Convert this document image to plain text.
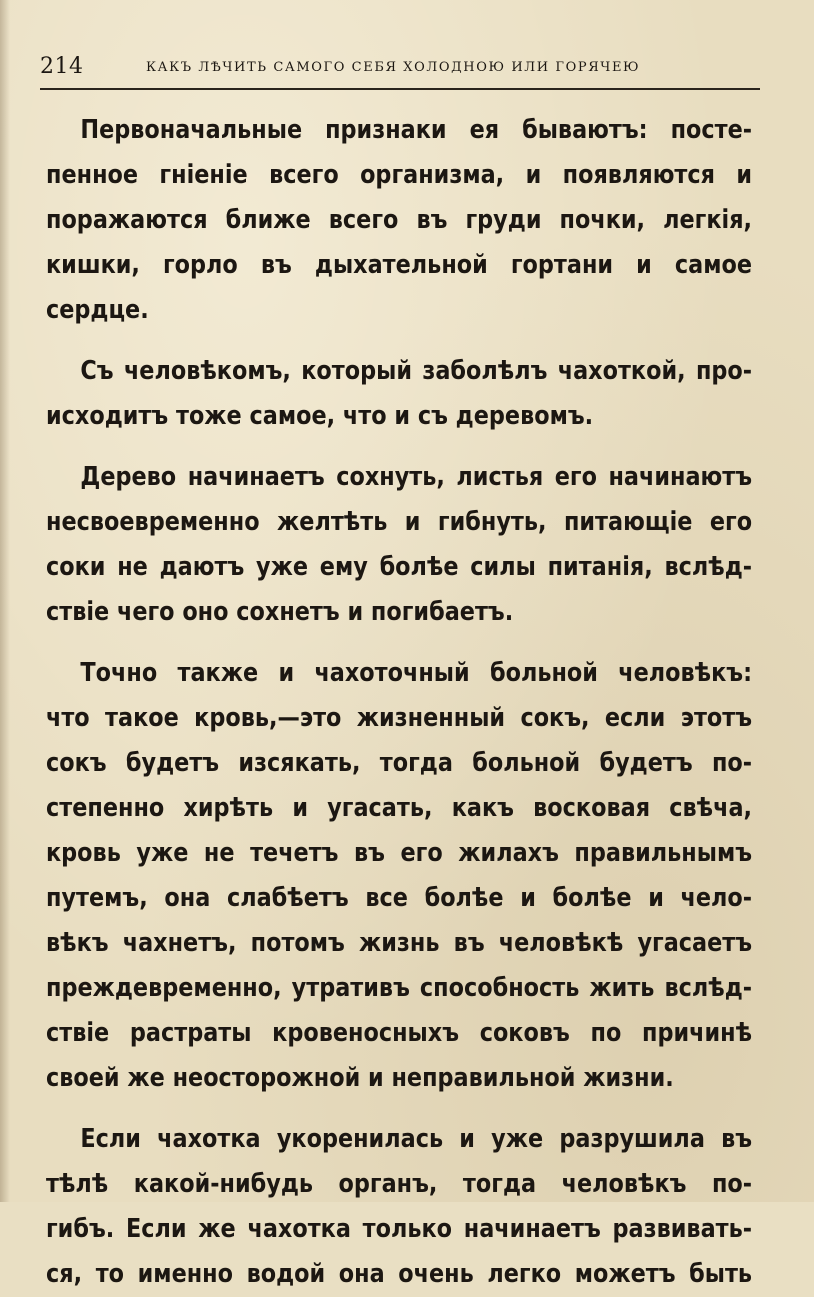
214	КАКЪ ЛѢЧИТЬ САМОГО СЕБЯ ХОЛОДНОЮ ИЛИ ГОРЯЧЕЮ
Первоначальные признаки ея бываютъ: посте-
пенное гніеніе всего организма, и появляются и
поражаются ближе всего въ груди почки, легкія,
кишки, горло въ дыхательной гортани и самое
сердце.
Съ человѣкомъ, который заболѣлъ чахоткой, про-
исходитъ тоже самое, что и съ деревомъ.
Дерево начинаетъ сохнуть, листья его начинаютъ
несвоевременно желтѣть и гибнуть, питающіе его
соки не даютъ уже ему болѣе силы питанія, вслѣд-
ствіе чего оно сохнетъ и погибаетъ.
Точно также и чахоточный больной человѣкъ:
что такое кровь,—это жизненный сокъ, если этотъ
сокъ будетъ изсякать, тогда больной будетъ по-
степенно хирѣть и угасать, какъ восковая свѣча,
кровь уже не течетъ въ его жилахъ правильнымъ
путемъ, она слабѣетъ все болѣе и болѣе и чело-
вѣкъ чахнетъ, потомъ жизнь въ человѣкѣ угасаетъ
преждевременно, утративъ способность жить вслѣд-
ствіе растраты кровеносныхъ соковъ по причинѣ
своей же неосторожной и неправильной жизни.
Если чахотка укоренилась и уже разрушила въ
тѣлѣ какой-нибудь органъ, тогда человѣкъ по-
гибъ. Если же чахотка только начинаетъ развивать-
ся, то именно водой она очень легко можетъ быть
